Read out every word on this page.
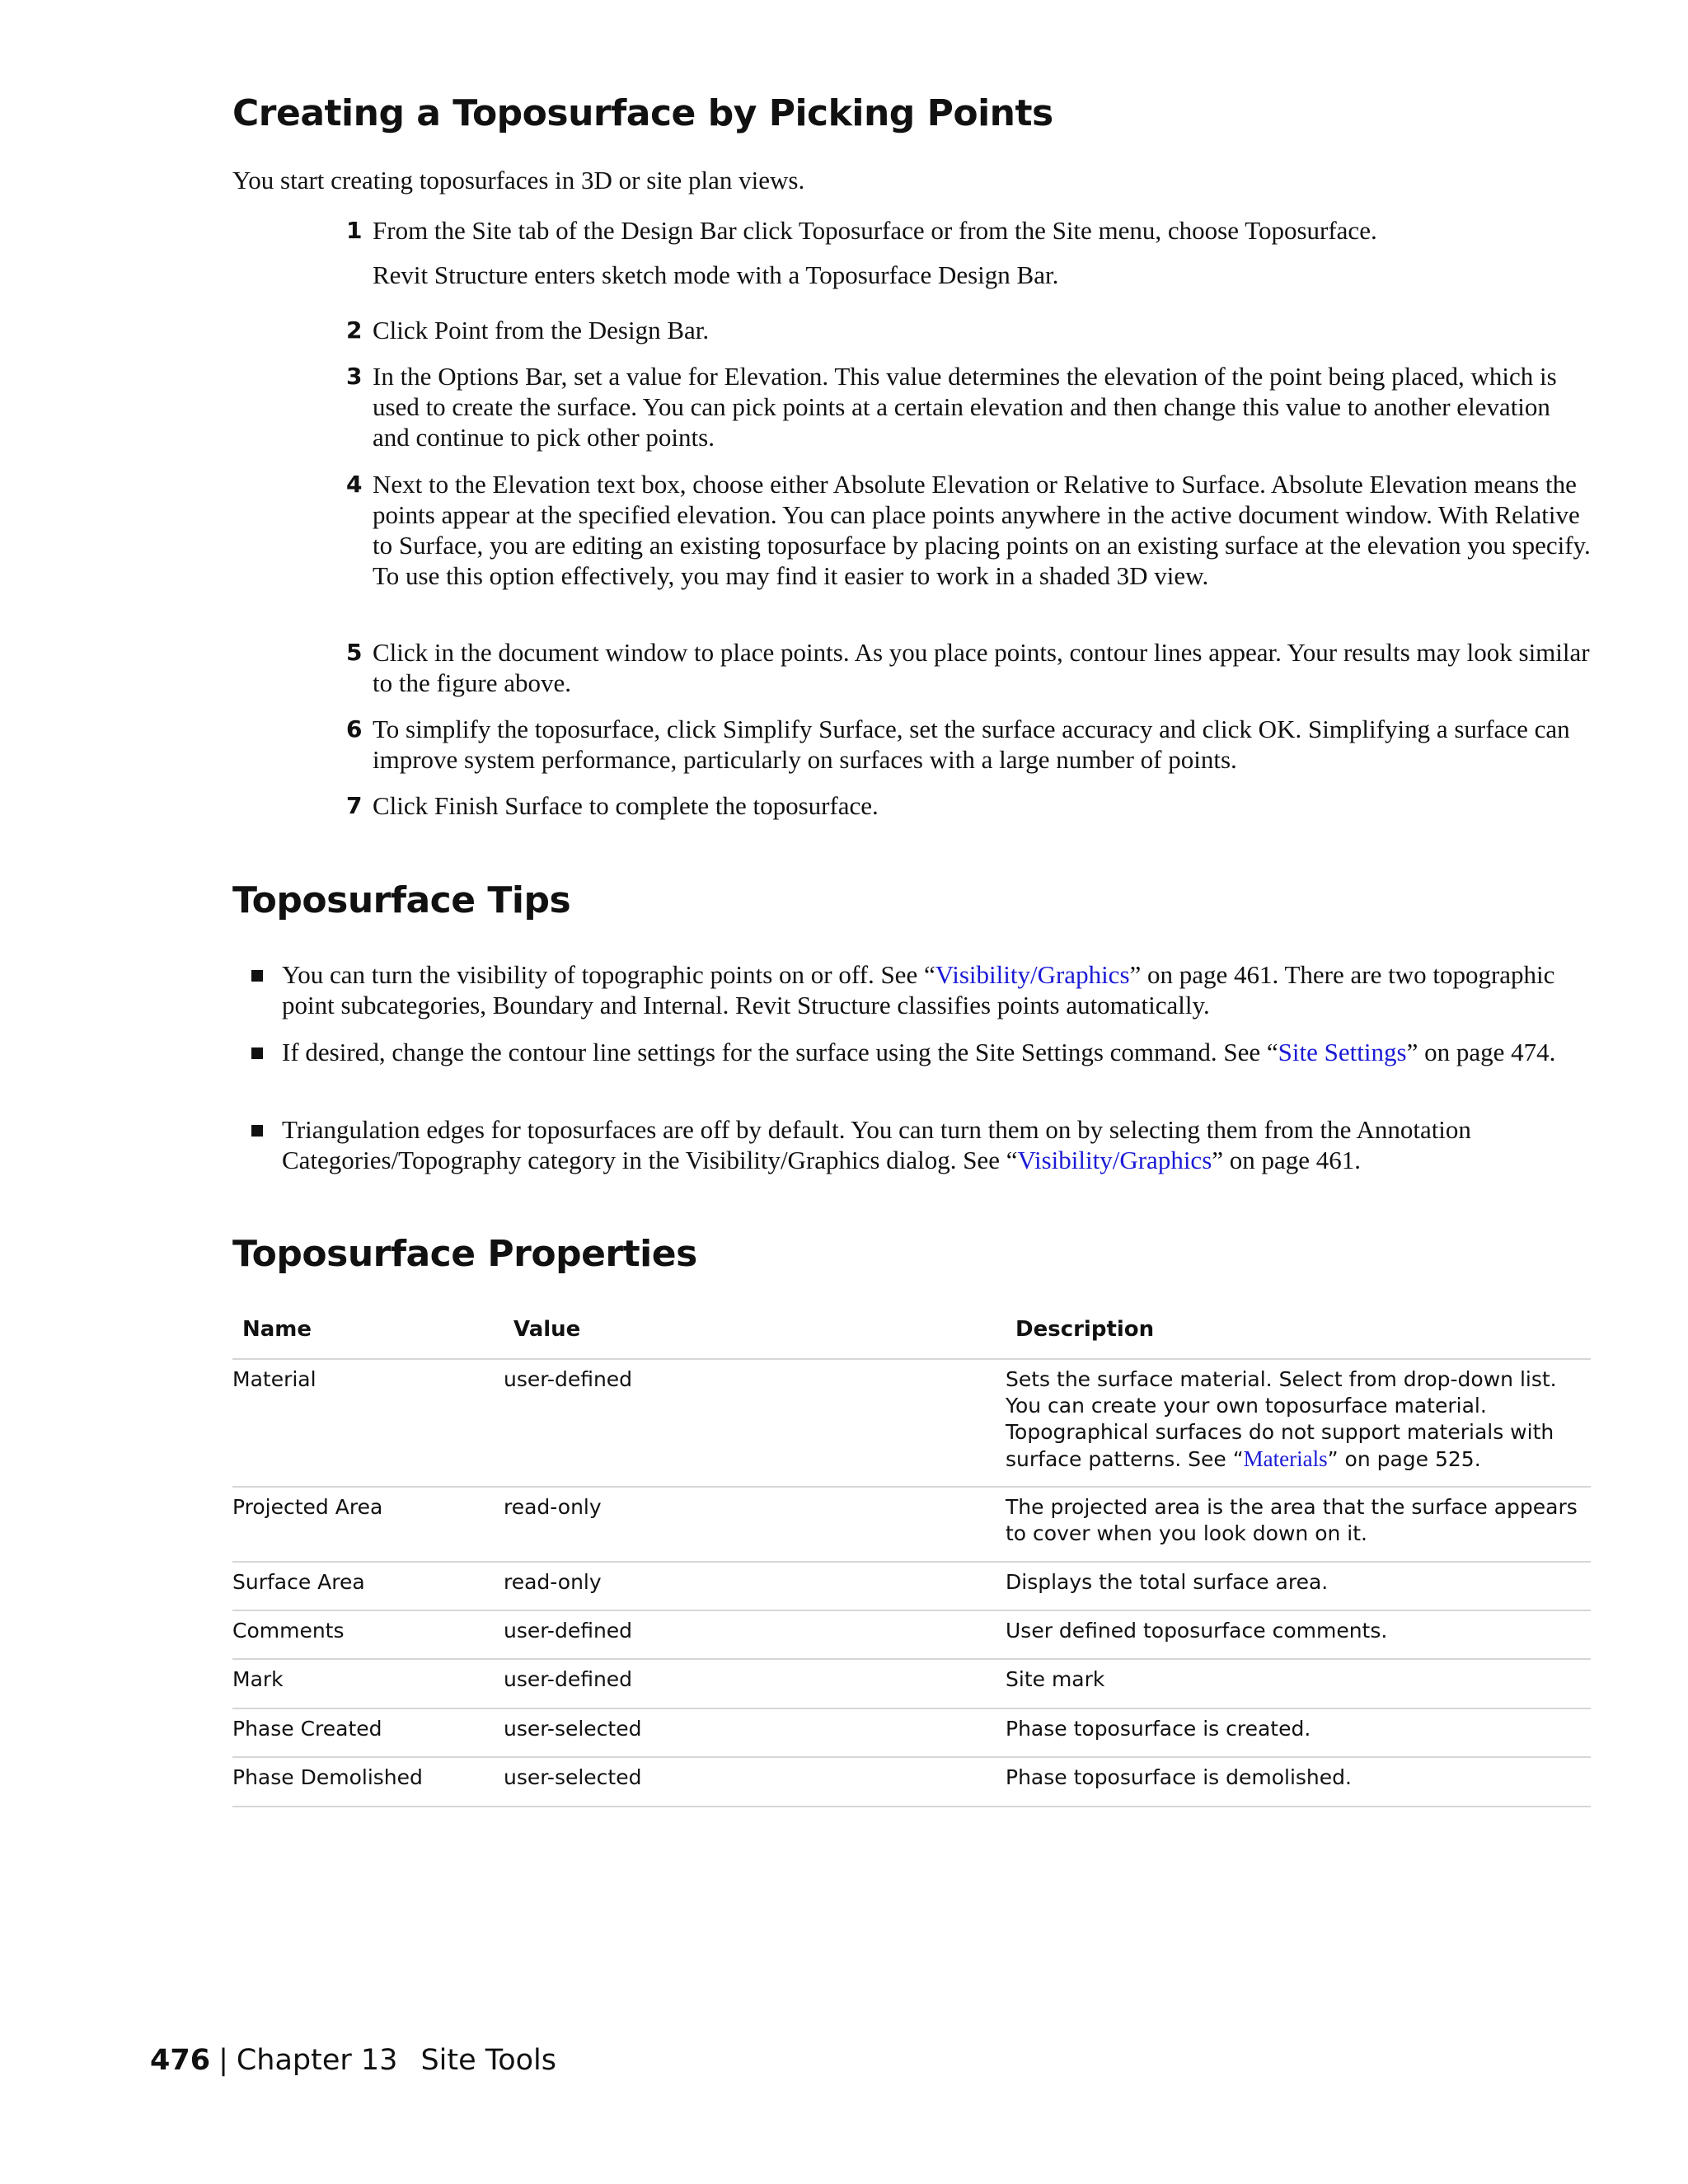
Creating a Toposurface by Picking Points

You start creating toposurfaces in 3D or site plan views.

1 From the Site tab of the Design Bar click Toposurface or from the Site menu, choose Toposurface.
Revit Structure enters sketch mode with a Toposurface Design Bar.
2 Click Point from the Design Bar.
3 In the Options Bar, set a value for Elevation. This value determines the elevation of the point being placed, which is used to create the surface. You can pick points at a certain elevation and then change this value to another elevation and continue to pick other points.
4 Next to the Elevation text box, choose either Absolute Elevation or Relative to Surface. Absolute Elevation means the points appear at the specified elevation. You can place points anywhere in the active document window. With Relative to Surface, you are editing an existing toposurface by placing points on an existing surface at the elevation you specify. To use this option effectively, you may find it easier to work in a shaded 3D view.
5 Click in the document window to place points. As you place points, contour lines appear. Your results may look similar to the figure above.
6 To simplify the toposurface, click Simplify Surface, set the surface accuracy and click OK. Simplifying a surface can improve system performance, particularly on surfaces with a large number of points.
7 Click Finish Surface to complete the toposurface.
Toposurface Tips
You can turn the visibility of topographic points on or off. See “Visibility/Graphics” on page 461. There are two topographic point subcategories, Boundary and Internal. Revit Structure classifies points automatically.
If desired, change the contour line settings for the surface using the Site Settings command. See “Site Settings” on page 474.
Triangulation edges for toposurfaces are off by default. You can turn them on by selecting them from the Annotation Categories/Topography category in the Visibility/Graphics dialog. See “Visibility/Graphics” on page 461.
Toposurface Properties
Name	Value	Description
Material	user-defined	Sets the surface material. Select from drop-down list. You can create your own toposurface material. Topographical surfaces do not support materials with surface patterns. See “Materials” on page 525.
Projected Area	read-only	The projected area is the area that the surface appears to cover when you look down on it.
Surface Area	read-only	Displays the total surface area.
Comments	user-defined	User defined toposurface comments.
Mark	user-defined	Site mark
Phase Created	user-selected	Phase toposurface is created.
Phase Demolished	user-selected	Phase toposurface is demolished.
476 | Chapter 13 Site Tools
